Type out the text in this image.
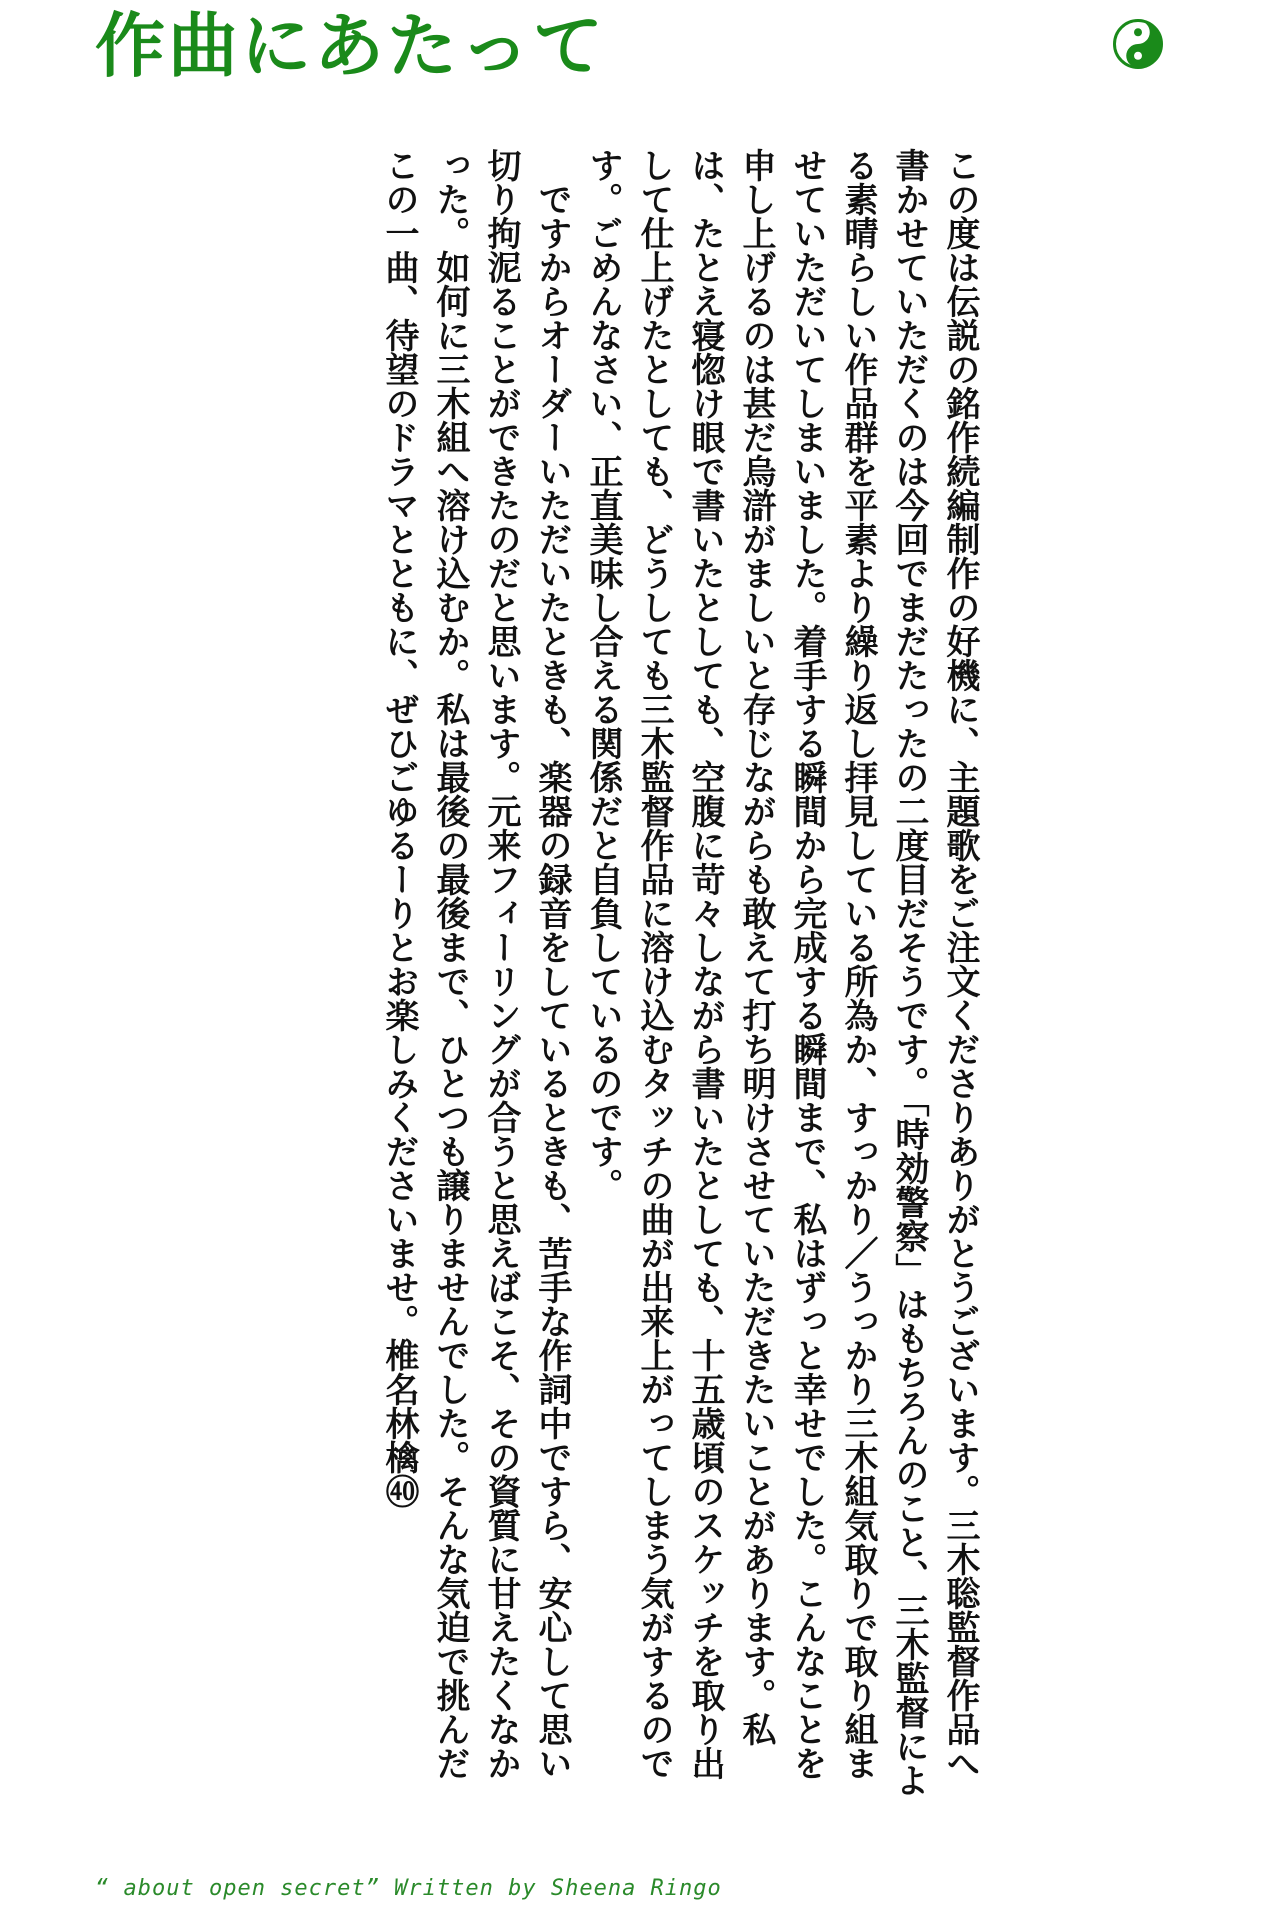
作曲にあたって

この度は伝説の銘作続編制作の好機に、主題歌をご注文くださりありがとうございます。三木聡監督作品へ書かせていただくのは今回でまだたったの二度目だそうです。「時効警察」はもちろんのこと、三木監督による素晴らしい作品群を平素より繰り返し拝見している所為か、すっかり／うっかり三木組気取りで取り組ませていただいてしまいました。着手する瞬間から完成する瞬間まで、私はずっと幸せでした。こんなことを申し上げるのは甚だ烏滸がましいと存じながらも敢えて打ち明けさせていただきたいことがあります。私は、たとえ寝惚け眼で書いたとしても、空腹に苛々しながら書いたとしても、十五歳頃のスケッチを取り出して仕上げたとしても、どうしても三木監督作品に溶け込むタッチの曲が出来上がってしまう気がするのです。ごめんなさい、正直美味し合える関係だと自負しているのです。

ですからオーダーいただいたときも、楽器の録音をしているときも、苦手な作詞中ですら、安心して思い切り拘泥ることができたのだと思います。元来フィーリングが合うと思えばこそ、その資質に甘えたくなかった。如何に三木組へ溶け込むか。私は最後の最後まで、ひとつも譲りませんでした。そんな気迫で挑んだこの一曲、待望のドラマとともに、ぜひごゆるーりとお楽しみくださいませ。椎名林檎㊵

“ about open secret” Written by Sheena Ringo
